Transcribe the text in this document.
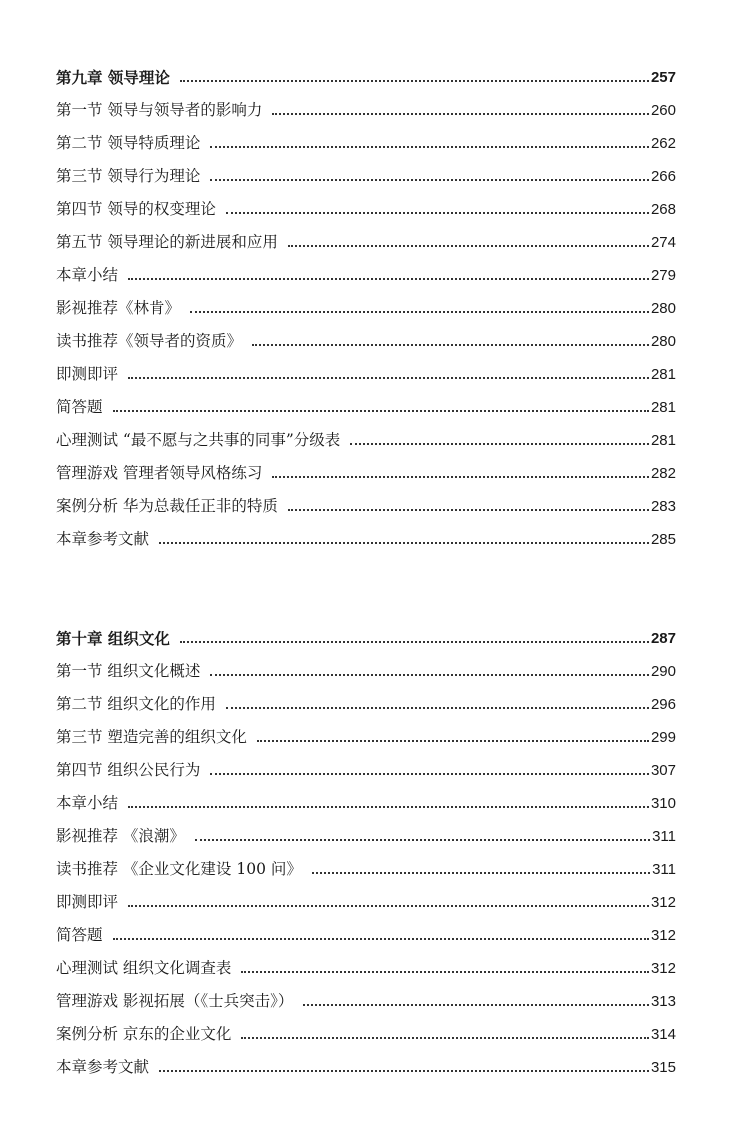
第九章 领导理论	257
第一节 领导与领导者的影响力	260
第二节 领导特质理论	262
第三节 领导行为理论	266
第四节 领导的权变理论	268
第五节 领导理论的新进展和应用	274
本章小结	279
影视推荐《林肯》	280
读书推荐《领导者的资质》	280
即测即评	281
简答题	281
心理测试 “最不愿与之共事的同事”分级表	281
管理游戏 管理者领导风格练习	282
案例分析 华为总裁任正非的特质	283
本章参考文献	285
第十章 组织文化	287
第一节 组织文化概述	290
第二节 组织文化的作用	296
第三节 塑造完善的组织文化	299
第四节 组织公民行为	307
本章小结	310
影视推荐 《浪潮》	311
读书推荐 《企业文化建设 100 问》	311
即测即评	312
简答题	312
心理测试 组织文化调查表	312
管理游戏 影视拓展（《士兵突击》）	313
案例分析 京东的企业文化	314
本章参考文献	315
